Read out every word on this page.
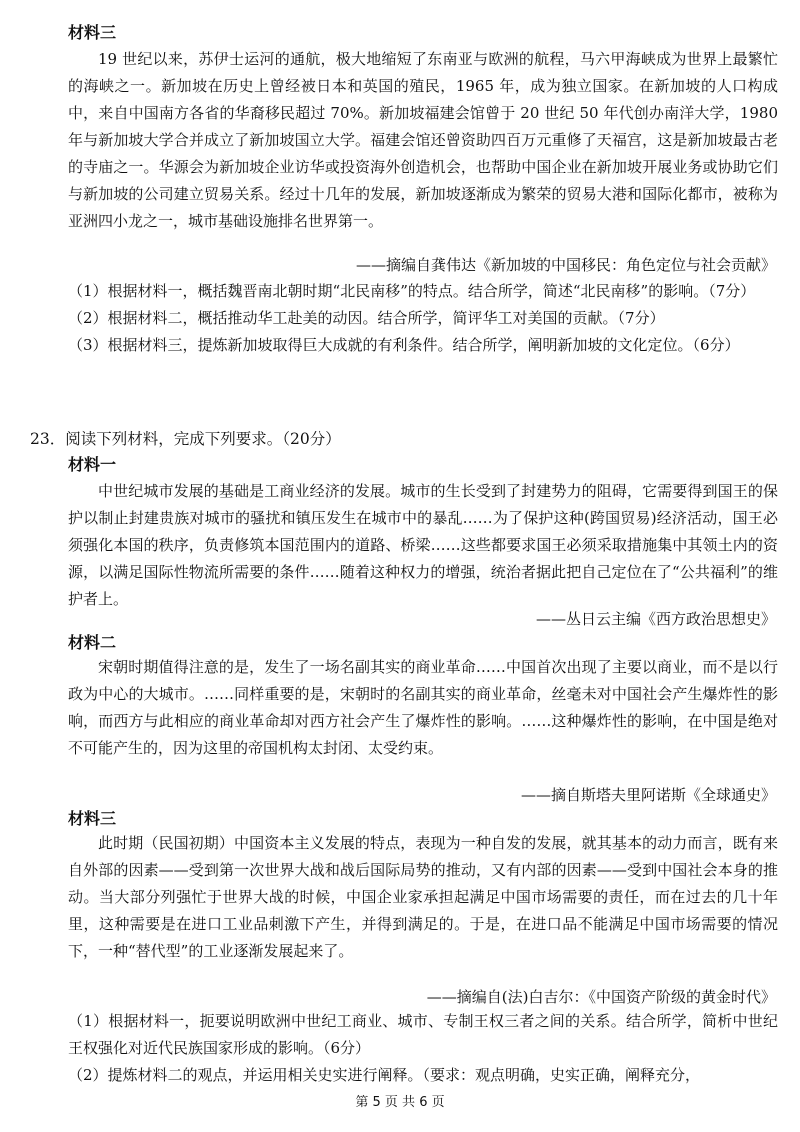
材料三

19 世纪以来，苏伊士运河的通航，极大地缩短了东南亚与欧洲的航程，马六甲海峡成为世界上最繁忙的海峡之一。新加坡在历史上曾经被日本和英国的殖民，1965 年，成为独立国家。在新加坡的人口构成中，来自中国南方各省的华裔移民超过 70%。新加坡福建会馆曾于 20 世纪 50 年代创办南洋大学，1980 年与新加坡大学合并成立了新加坡国立大学。福建会馆还曾资助四百万元重修了天福宫，这是新加坡最古老的寺庙之一。华源会为新加坡企业访华或投资海外创造机会，也帮助中国企业在新加坡开展业务或协助它们与新加坡的公司建立贸易关系。经过十几年的发展，新加坡逐渐成为繁荣的贸易大港和国际化都市，被称为亚洲四小龙之一，城市基础设施排名世界第一。

——摘编自龚伟达《新加坡的中国移民：角色定位与社会贡献》

（1）根据材料一，概括魏晋南北朝时期“北民南移”的特点。结合所学，简述“北民南移”的影响。（7分）

（2）根据材料二，概括推动华工赴美的动因。结合所学，简评华工对美国的贡献。（7分）

（3）根据材料三，提炼新加坡取得巨大成就的有利条件。结合所学，阐明新加坡的文化定位。（6分）

23．阅读下列材料，完成下列要求。（20分）
材料一

中世纪城市发展的基础是工商业经济的发展。城市的生长受到了封建势力的阻碍，它需要得到国王的保护以制止封建贵族对城市的骚扰和镇压发生在城市中的暴乱……为了保护这种(跨国贸易)经济活动，国王必须强化本国的秩序，负责修筑本国范围内的道路、桥梁……这些都要求国王必须采取措施集中其领土内的资源，以满足国际性物流所需要的条件……随着这种权力的增强，统治者据此把自己定位在了“公共福利”的维护者上。

——丛日云主编《西方政治思想史》
材料二

宋朝时期值得注意的是，发生了一场名副其实的商业革命……中国首次出现了主要以商业，而不是以行政为中心的大城市。……同样重要的是，宋朝时的名副其实的商业革命，丝毫未对中国社会产生爆炸性的影响，而西方与此相应的商业革命却对西方社会产生了爆炸性的影响。……这种爆炸性的影响，在中国是绝对不可能产生的，因为这里的帝国机构太封闭、太受约束。

——摘自斯塔夫里阿诺斯《全球通史》
材料三

此时期（民国初期）中国资本主义发展的特点，表现为一种自发的发展，就其基本的动力而言，既有来自外部的因素——受到第一次世界大战和战后国际局势的推动，又有内部的因素——受到中国社会本身的推动。当大部分列强忙于世界大战的时候，中国企业家承担起满足中国市场需要的责任，而在过去的几十年里，这种需要是在进口工业品刺激下产生，并得到满足的。于是，在进口品不能满足中国市场需要的情况下，一种“替代型”的工业逐渐发展起来了。

——摘编自(法)白吉尔：《中国资产阶级的黄金时代》

（1）根据材料一，扼要说明欧洲中世纪工商业、城市、专制王权三者之间的关系。结合所学，简析中世纪王权强化对近代民族国家形成的影响。（6分）

（2）提炼材料二的观点，并运用相关史实进行阐释。（要求：观点明确，史实正确，阐释充分，

第 5 页 共 6 页
